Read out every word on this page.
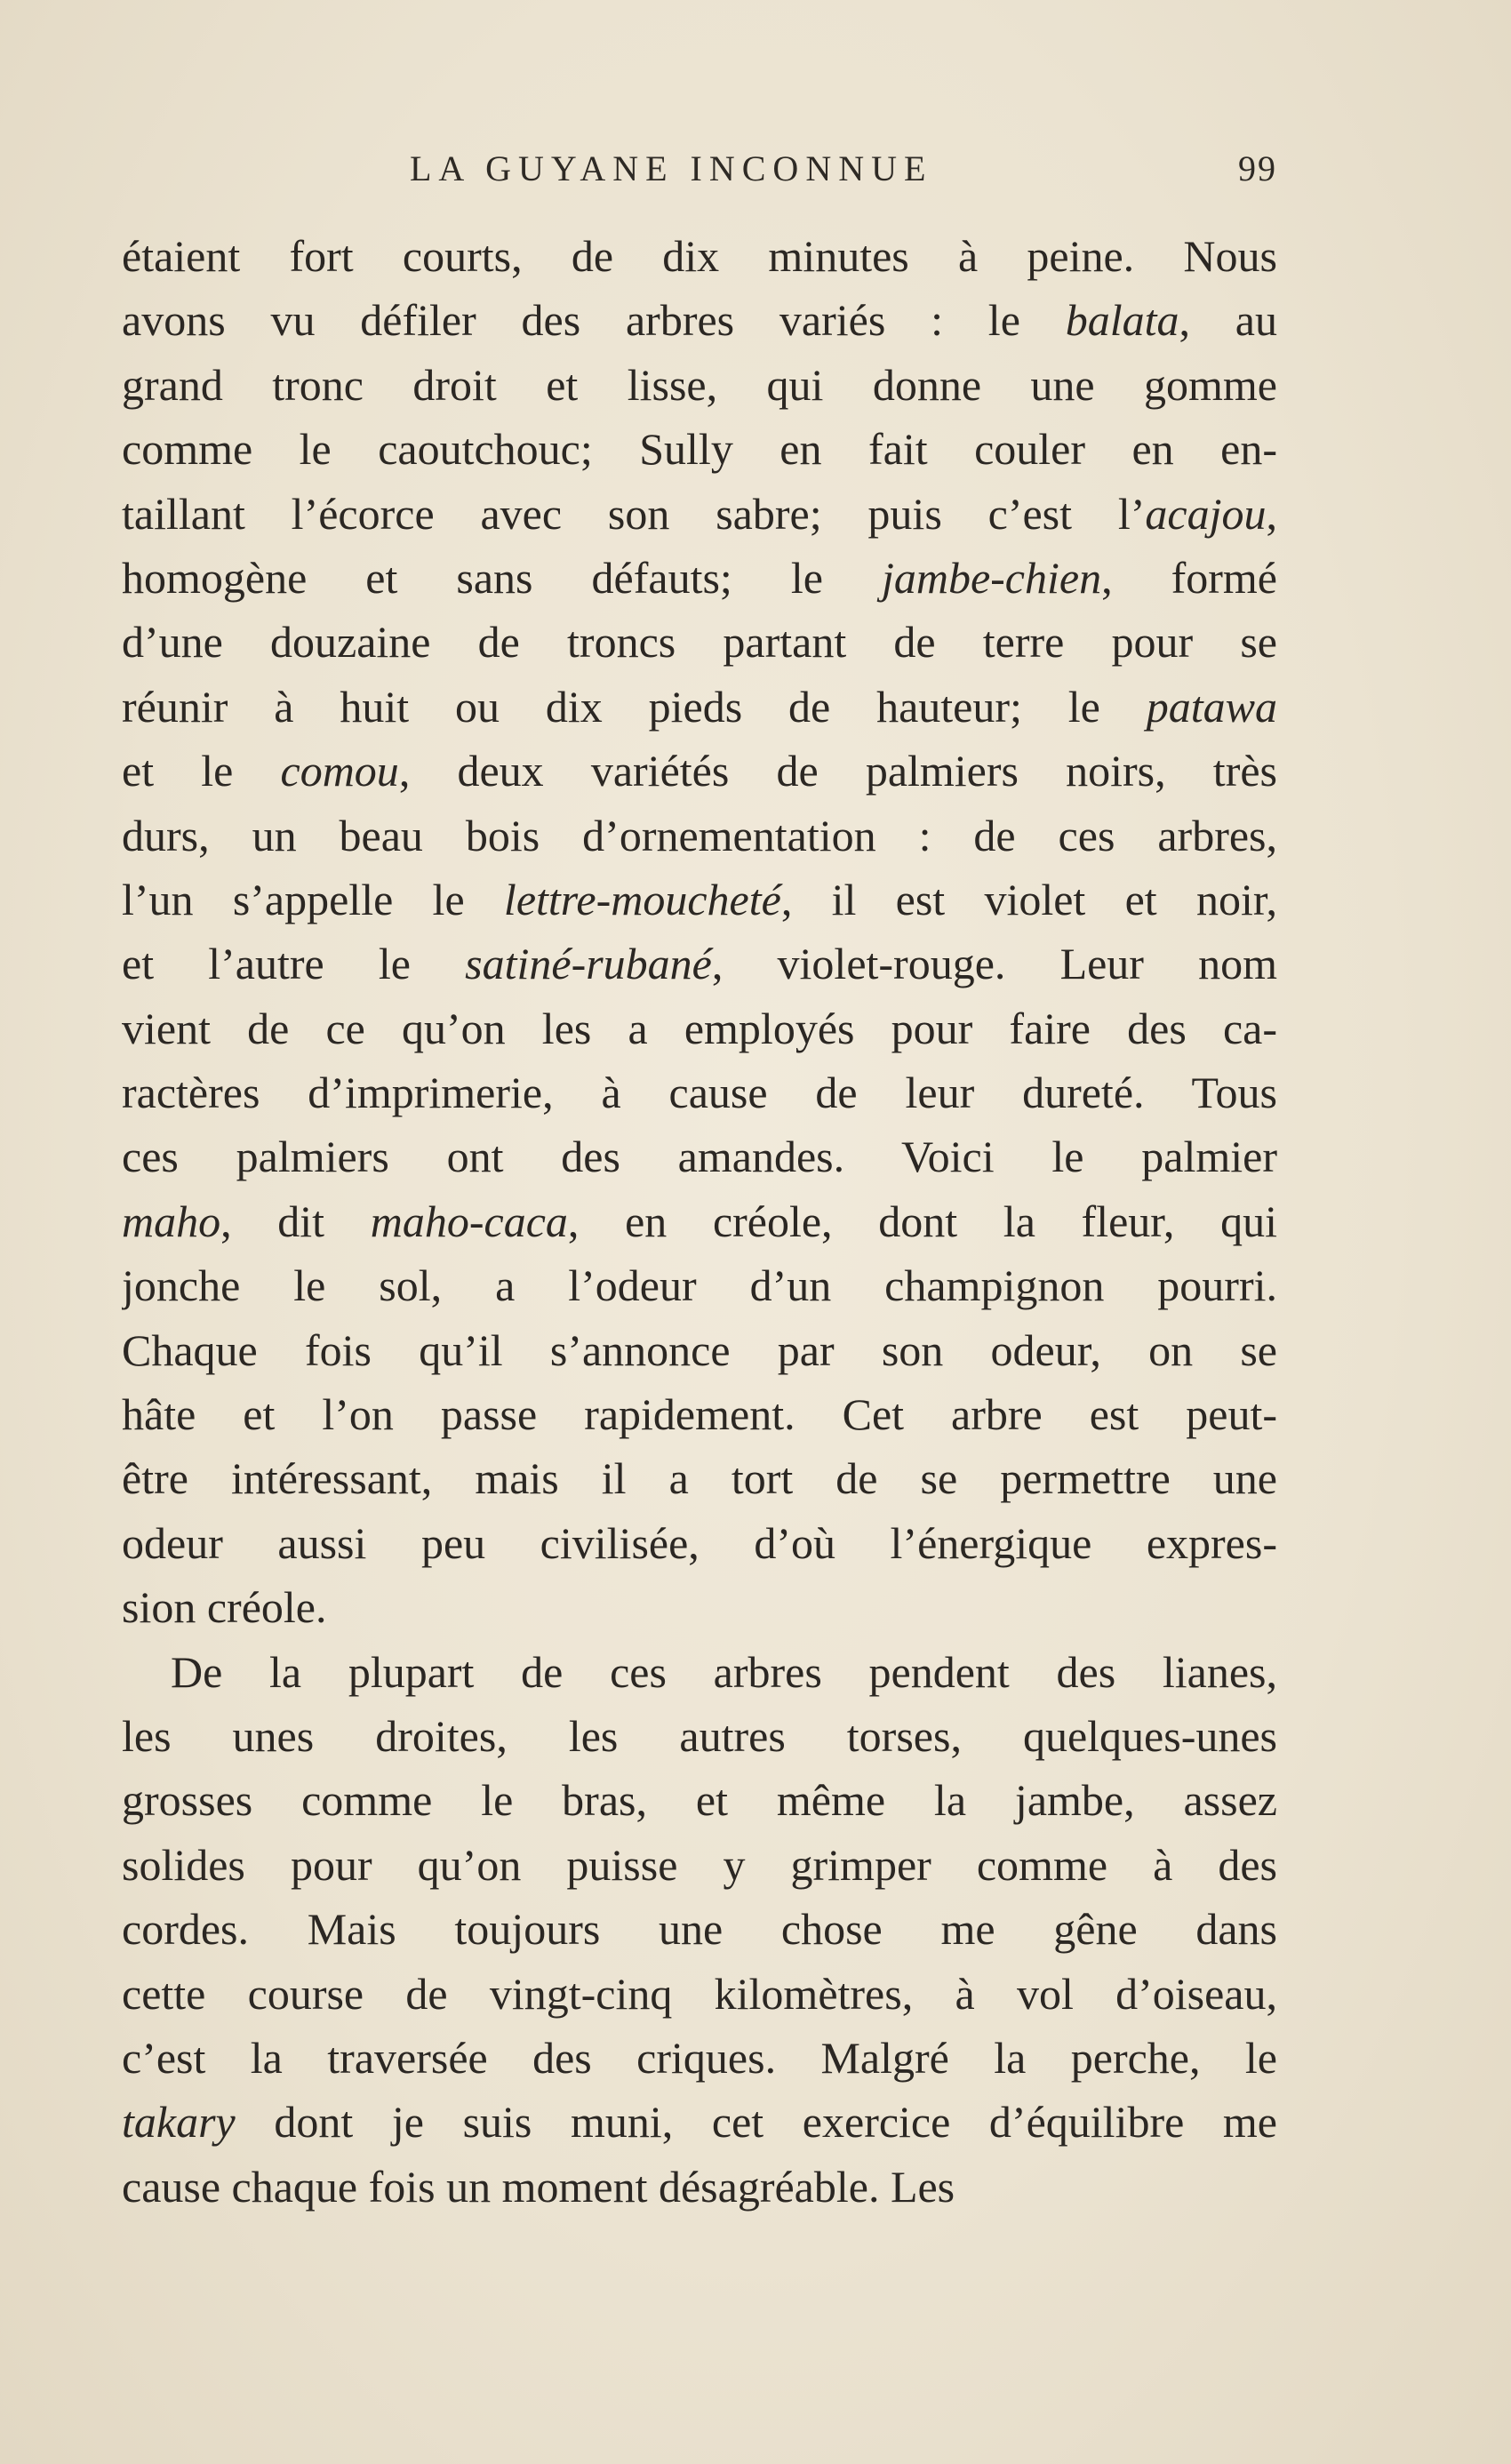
LA GUYANE INCONNUE	99
étaient fort courts, de dix minutes à peine. Nous
avons vu défiler des arbres variés : le balata, au
grand tronc droit et lisse, qui donne une gomme
comme le caoutchouc; Sully en fait couler en en-
taillant l’écorce avec son sabre; puis c’est l’acajou,
homogène et sans défauts; le jambe-chien, formé
d’une douzaine de troncs partant de terre pour se
réunir à huit ou dix pieds de hauteur; le patawa
et le comou, deux variétés de palmiers noirs, très
durs, un beau bois d’ornementation : de ces arbres,
l’un s’appelle le lettre-moucheté, il est violet et noir,
et l’autre le satiné-rubané, violet-rouge. Leur nom
vient de ce qu’on les a employés pour faire des ca-
ractères d’imprimerie, à cause de leur dureté. Tous
ces palmiers ont des amandes. Voici le palmier
maho, dit maho-caca, en créole, dont la fleur, qui
jonche le sol, a l’odeur d’un champignon pourri.
Chaque fois qu’il s’annonce par son odeur, on se
hâte et l’on passe rapidement. Cet arbre est peut-
être intéressant, mais il a tort de se permettre une
odeur aussi peu civilisée, d’où l’énergique expres-
sion créole.
De la plupart de ces arbres pendent des lianes,
les unes droites, les autres torses, quelques-unes
grosses comme le bras, et même la jambe, assez
solides pour qu’on puisse y grimper comme à des
cordes. Mais toujours une chose me gêne dans
cette course de vingt-cinq kilomètres, à vol d’oiseau,
c’est la traversée des criques. Malgré la perche, le
takary dont je suis muni, cet exercice d’équilibre me
cause chaque fois un moment désagréable. Les
